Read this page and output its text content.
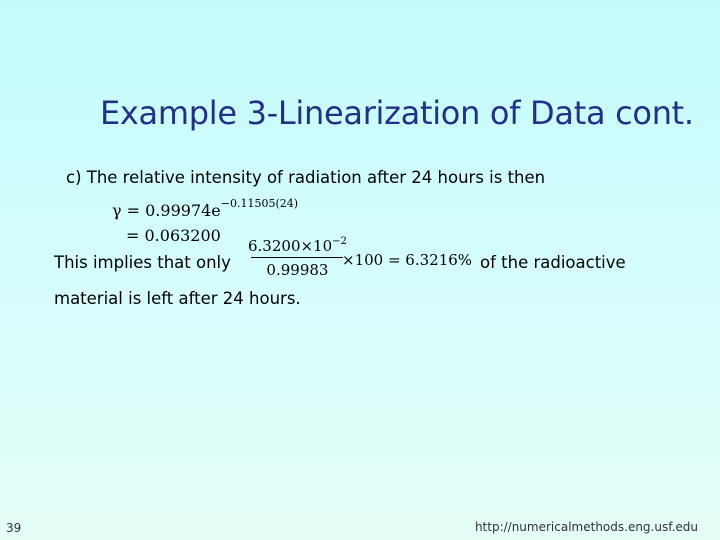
Example 3-Linearization of Data cont.
c) The relative intensity of radiation after 24 hours is then
$\gamma = 0.99974e^{-0.11505(24)}$
= 0.063200
This implies that only
$6.3200\times 10^{-2}$
0.99983
×100 = 6.3216% of the radioactive
material is left after 24 hours.
39	http://numericalmethods.eng.usf.edu
